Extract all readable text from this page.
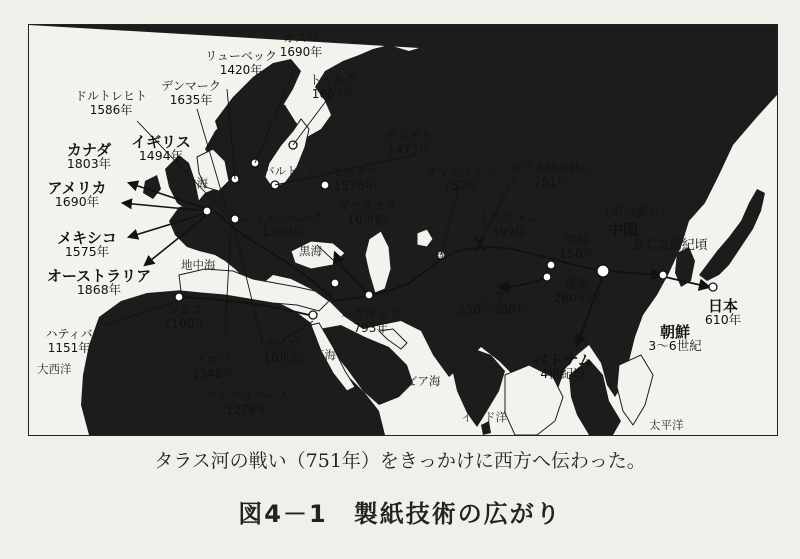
バルト海
北海
黒海	カスピ海
アラル海
地中海
紅海
アラビア海
インド洋
太平洋
大西洋
オスロ
1690年
リューベック
1420年
トゥルク
1667年
デンマーク
1635年
ドルトレヒト
1586年
ダンチヒ
1473年
モスクワ
1576年
カナダ
1803年
イギリス
1494年
アメリカ
1690年
メキシコ
1575年
オーストラリア
1868年
ニュルンベルク
1390年
ダマスカス
10世紀
サマルカンド
757年
タラス河の戦い
751年
トルファン
399年
敦煌
150年
（紙の誕生）
中国
B.C.2世紀頃
楼蘭
260年頃
ニヤ
250～300年
バグダッド
793年
フェズ
1100年
ハティバ
1151年	カイロ
10世紀
トロワ
1348年
ファブリアーノ
1276年
ベトナム
4世紀頃
朝鮮
3～6世紀
日本
610年
タラス河の戦い（751年）をきっかけに西方へ伝わった。
図4－1　製紙技術の広がり
